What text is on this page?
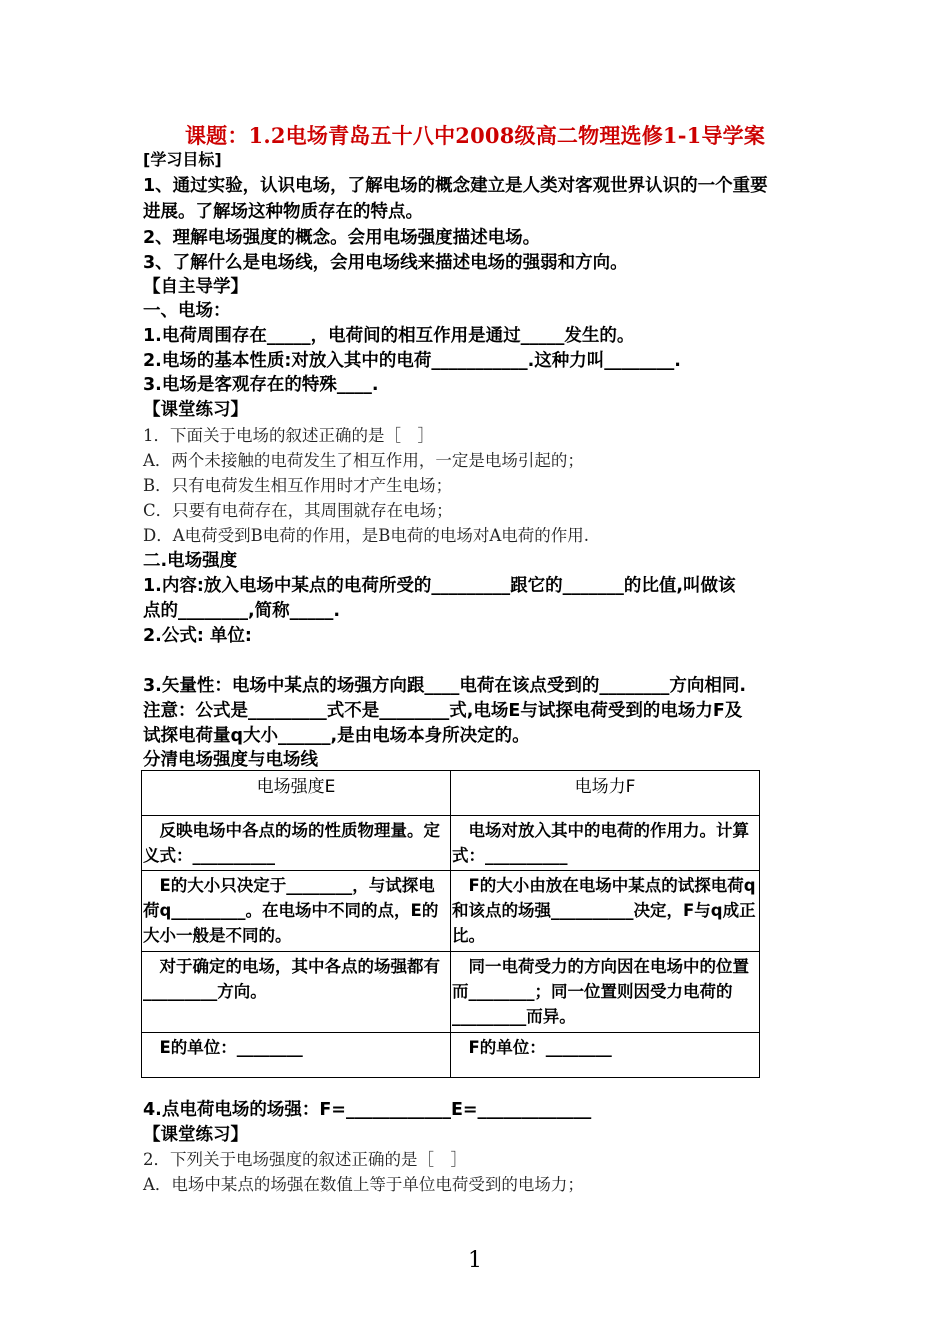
课题：1.2电场青岛五十八中2008级高二物理选修1-1导学案
[学习目标]
1、通过实验，认识电场，了解电场的概念建立是人类对客观世界认识的一个重要
进展。了解场这种物质存在的特点。
2、理解电场强度的概念。会用电场强度描述电场。
3、了解什么是电场线，会用电场线来描述电场的强弱和方向。
【自主导学】
一、电场：
1.电荷周围存在_____，电荷间的相互作用是通过_____发生的。
2.电场的基本性质:对放入其中的电荷___________.这种力叫________.
3.电场是客观存在的特殊____.
【课堂练习】
1．下面关于电场的叙述正确的是［　］
A．两个未接触的电荷发生了相互作用，一定是电场引起的；
B．只有电荷发生相互作用时才产生电场；
C．只要有电荷存在，其周围就存在电场；
D．A电荷受到B电荷的作用，是B电荷的电场对A电荷的作用.
二.电场强度
1.内容:放入电场中某点的电荷所受的_________跟它的_______的比值,叫做该
点的________,简称_____.
2.公式: 单位:
3.矢量性：电场中某点的场强方向跟____电荷在该点受到的________方向相同.
注意：公式是_________式不是________式,电场E与试探电荷受到的电场力F及
试探电荷量q大小______,是由电场本身所决定的。
分清电场强度与电场线
电场强度E	电场力F
　反映电场中各点的场的性质物理量。定义式：__________	　电场对放入其中的电荷的作用力。计算式：__________
　E的大小只决定于________，与试探电荷q_________。在电场中不同的点，E的大小一般是不同的。	　F的大小由放在电场中某点的试探电荷q和该点的场强__________决定，F与q成正比。
　对于确定的电场，其中各点的场强都有_________方向。	　同一电荷受力的方向因在电场中的位置而________；同一位置则因受力电荷的_________而异。
　E的单位：________	　F的单位：________
4.点电荷电场的场强：F=____________E=_____________
【课堂练习】
2．下列关于电场强度的叙述正确的是［　］
A．电场中某点的场强在数值上等于单位电荷受到的电场力；
1
